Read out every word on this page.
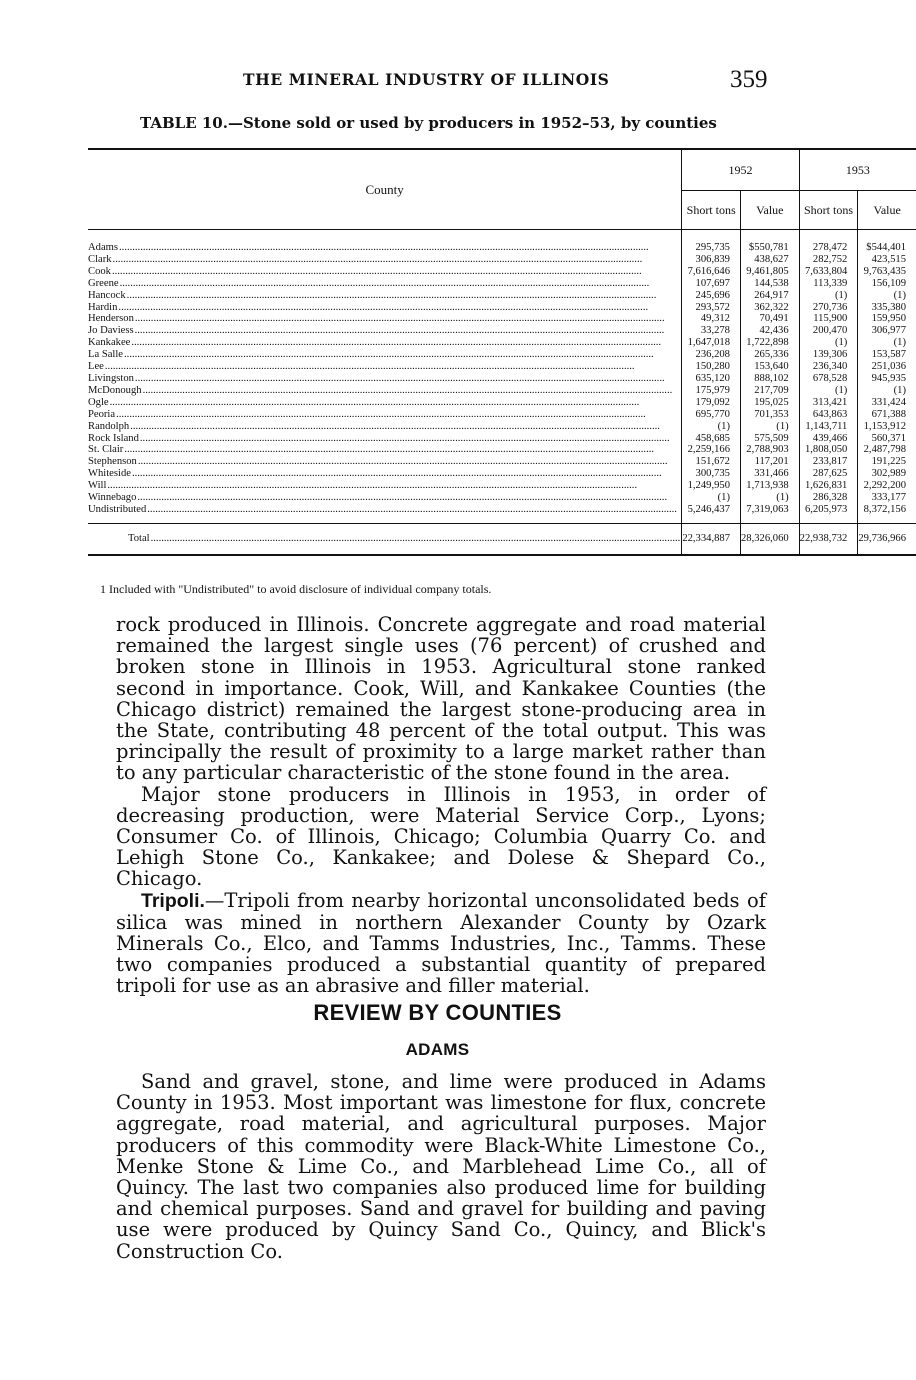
THE MINERAL INDUSTRY OF ILLINOIS	359
TABLE 10.—Stone sold or used by producers in 1952–53, by counties
County	1952		1953	
	Short tons	Value	Short tons	Value
Adams........................................................................................................................................................................................................	295,735	$550,781	278,472	$544,401
Clark........................................................................................................................................................................................................	306,839	438,627	282,752	423,515
Cook........................................................................................................................................................................................................	7,616,646	9,461,805	7,633,804	9,763,435
Greene........................................................................................................................................................................................................	107,697	144,538	113,339	156,109
Hancock........................................................................................................................................................................................................	245,696	264,917	(1)	(1)
Hardin........................................................................................................................................................................................................	293,572	362,322	270,736	335,380
Henderson........................................................................................................................................................................................................	49,312	70,491	115,900	159,950
Jo Daviess........................................................................................................................................................................................................	33,278	42,436	200,470	306,977
Kankakee........................................................................................................................................................................................................	1,647,018	1,722,898	(1)	(1)
La Salle........................................................................................................................................................................................................	236,208	265,336	139,306	153,587
Lee........................................................................................................................................................................................................	150,280	153,640	236,340	251,036
Livingston........................................................................................................................................................................................................	635,120	888,102	678,528	945,935
McDonough........................................................................................................................................................................................................	175,979	217,709	(1)	(1)
Ogle........................................................................................................................................................................................................	179,092	195,025	313,421	331,424
Peoria........................................................................................................................................................................................................	695,770	701,353	643,863	671,388
Randolph........................................................................................................................................................................................................	(1)	(1)	1,143,711	1,153,912
Rock Island........................................................................................................................................................................................................	458,685	575,509	439,466	560,371
St. Clair........................................................................................................................................................................................................	2,259,166	2,788,903	1,808,050	2,487,798
Stephenson........................................................................................................................................................................................................	151,672	117,201	233,817	191,225
Whiteside........................................................................................................................................................................................................	300,735	331,466	287,625	302,989
Will........................................................................................................................................................................................................	1,249,950	1,713,938	1,626,831	2,292,200
Winnebago........................................................................................................................................................................................................	(1)	(1)	286,328	333,177
Undistributed........................................................................................................................................................................................................	5,246,437	7,319,063	6,205,973	8,372,156
Total........................................................................................................................................................................................................	22,334,887	28,326,060	22,938,732	29,736,966
1 Included with "Undistributed" to avoid disclosure of individual company totals.

rock produced in Illinois. Concrete aggregate and road material remained the largest single uses (76 percent) of crushed and broken stone in Illinois in 1953. Agricultural stone ranked second in importance. Cook, Will, and Kankakee Counties (the Chicago district) remained the largest stone-producing area in the State, contributing 48 percent of the total output. This was principally the result of proximity to a large market rather than to any particular characteristic of the stone found in the area.

Major stone producers in Illinois in 1953, in order of decreasing production, were Material Service Corp., Lyons; Consumer Co. of Illinois, Chicago; Columbia Quarry Co. and Lehigh Stone Co., Kankakee; and Dolese & Shepard Co., Chicago.

Tripoli.—Tripoli from nearby horizontal unconsolidated beds of silica was mined in northern Alexander County by Ozark Minerals Co., Elco, and Tamms Industries, Inc., Tamms. These two companies produced a substantial quantity of prepared tripoli for use as an abrasive and filler material.

REVIEW BY COUNTIES
ADAMS

Sand and gravel, stone, and lime were produced in Adams County in 1953. Most important was limestone for flux, concrete aggregate, road material, and agricultural purposes. Major producers of this commodity were Black-White Limestone Co., Menke Stone & Lime Co., and Marblehead Lime Co., all of Quincy. The last two companies also produced lime for building and chemical purposes. Sand and gravel for building and paving use were produced by Quincy Sand Co., Quincy, and Blick's Construction Co.
